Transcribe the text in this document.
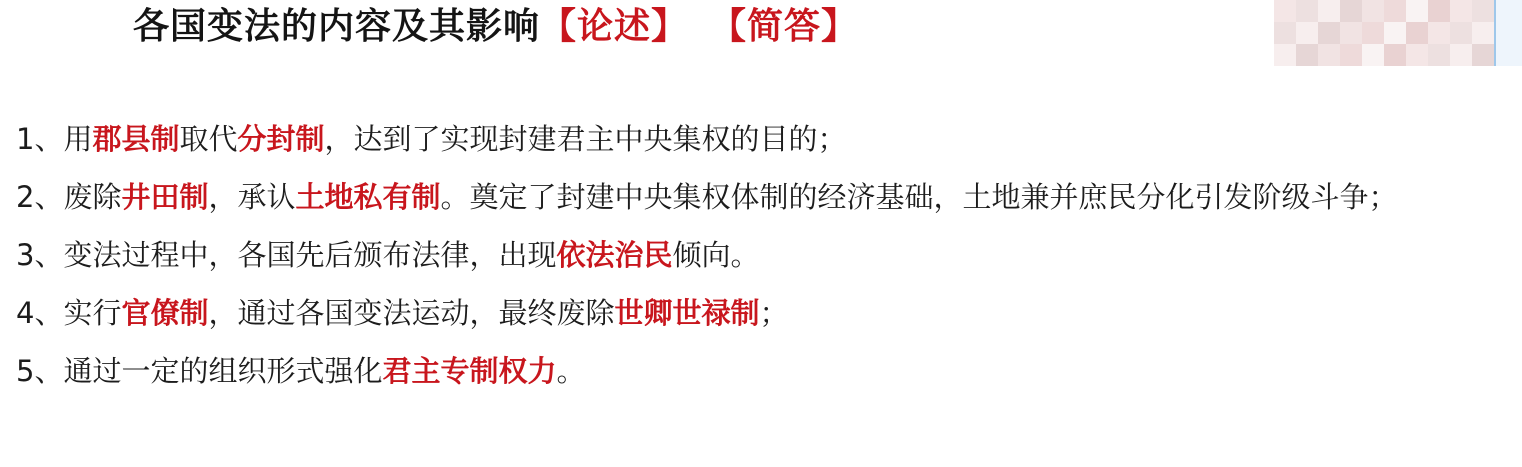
各国变法的内容及其影响【论述】 【简答】

1、用郡县制取代分封制，达到了实现封建君主中央集权的目的；

2、废除井田制，承认土地私有制。奠定了封建中央集权体制的经济基础，土地兼并庶民分化引发阶级斗争；

3、变法过程中，各国先后颁布法律，出现依法治民倾向。

4、实行官僚制，通过各国变法运动，最终废除世卿世禄制；

5、通过一定的组织形式强化君主专制权力。
